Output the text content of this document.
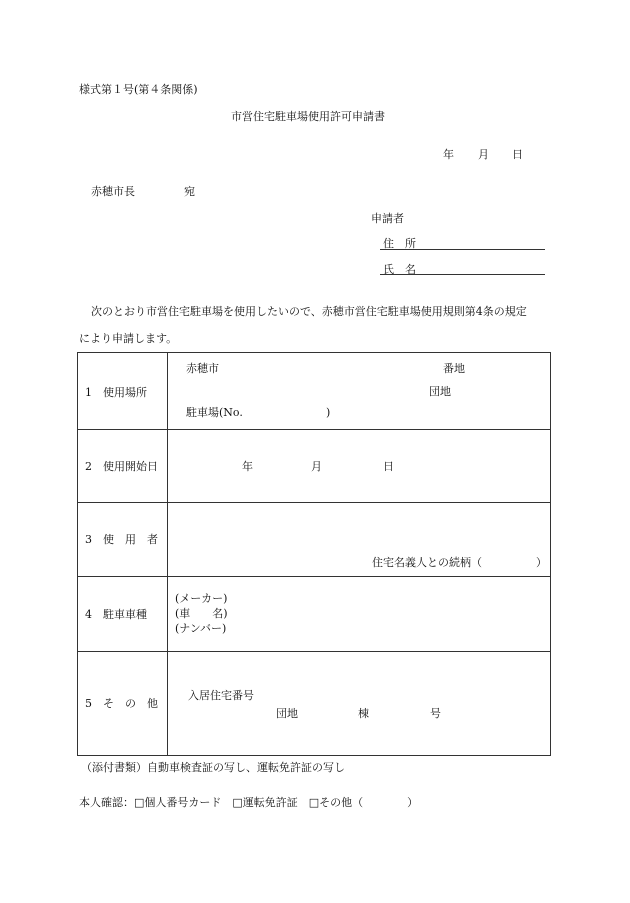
様式第１号(第４条関係)
市営住宅駐車場使用許可申請書
年 月 日
赤穂市長	宛
申請者
住　所
氏　名
次のとおり市営住宅駐車場を使用したいので、赤穂市営住宅駐車場使用規則第4条の規定
により申請します。
1　使用場所
赤穂市	番地
団地
駐車場(No.	)
2　使用開始日	年	月	日
3　使　用　者
住宅名義人との続柄（	）
4　駐車車種
(メーカー)
(車　　名)
(ナンバー)
5　そ　の　他
入居住宅番号
団地	棟	号
（添付書類）自動車検査証の写し、運転免許証の写し
本人確認：□個人番号カード　□運転免許証　□その他（　　　　）
